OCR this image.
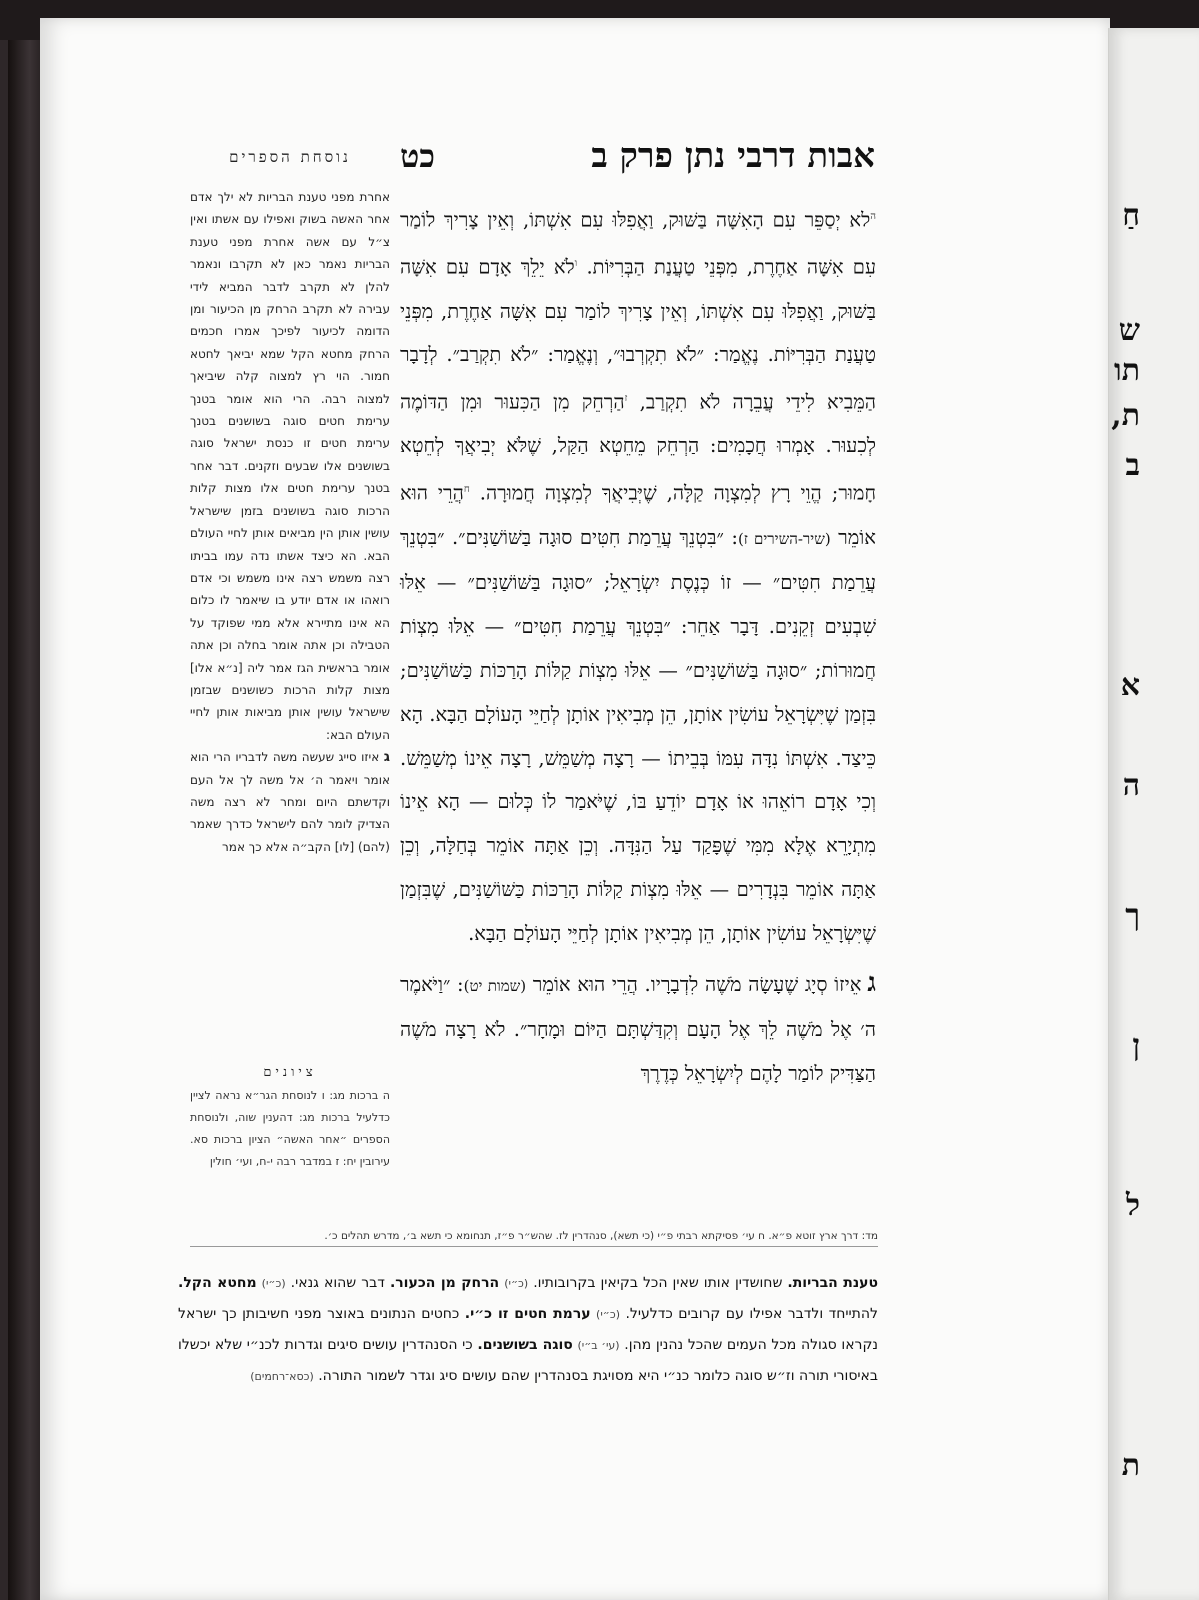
חַ
ש
תו
ת,
ב
א
ה
ך
ן
ל
ת
אבות דרבי נתן פרק ב
כט
נוסחת הספרים

$^ה$לא יְסַפֵּר עִם הָאִשָּׁה בַּשּׁוּק, וַאֲפִלּוּ עִם אִשְׁתּוֹ, וְאֵין צָרִיךְ לוֹמַר עִם אִשָּׁה אַחֶרֶת, מִפְּנֵי טַעֲנַת הַבְּרִיּוֹת. $^ו$לֹא יֵלֵךְ אָדָם עִם אִשָּׁה בַּשּׁוּק, וַאֲפִלּוּ עִם אִשְׁתּוֹ, וְאֵין צָרִיךְ לוֹמַר עִם אִשָּׁה אַחֶרֶת, מִפְּנֵי טַעֲנַת הַבְּרִיּוֹת. נֶאֱמַר: ״לֹא תִקְרְבוּ״, וְנֶאֱמַר: ״לֹא תִקְרַב״. לְדָבָר הַמֵּבִיא לִידֵי עֲבֵרָה לֹא תִקְרַב, $^ז$הַרְחֵק מִן הַכִּעוּר וּמִן הַדּוֹמֶה לְכִעוּר. אָמְרוּ חֲכָמִים: הַרְחֵק מֵחֵטְא הַקַּל, שֶׁלֹּא יְבִיאֲךָ לְחֵטְא חָמוּר; הֱוֵי רָץ לְמִצְוָה קַלָּה, שֶׁיְּבִיאֲךָ לְמִצְוָה חֲמוּרָה. $^ח$הֲרֵי הוּא אוֹמֵר (שיר-השירים ז): ״בִּטְנֵךְ עֲרֵמַת חִטִּים סוּגָה בַּשּׁוֹשַׁנִּים״. ״בִּטְנֵךְ עֲרֵמַת חִטִּים״ — זוֹ כְּנֶסֶת יִשְׂרָאֵל; ״סוּגָה בַּשּׁוֹשַׁנִּים״ — אֵלּוּ שִׁבְעִים זְקֵנִים. דָּבָר אַחֵר: ״בִּטְנֵךְ עֲרֵמַת חִטִּים״ — אֵלּוּ מִצְוֹת חֲמוּרוֹת; ״סוּגָה בַּשּׁוֹשַׁנִּים״ — אֵלּוּ מִצְוֹת קַלּוֹת הָרַכּוֹת כַּשּׁוֹשַׁנִּים; בִּזְמַן שֶׁיִּשְׂרָאֵל עוֹשִׂין אוֹתָן, הֵן מְבִיאִין אוֹתָן לְחַיֵּי הָעוֹלָם הַבָּא. הָא כֵּיצַד. אִשְׁתּוֹ נִדָּה עִמּוֹ בְּבֵיתוֹ — רָצָה מְשַׁמֵּשׁ, רָצָה אֵינוֹ מְשַׁמֵּשׁ. וְכִי אָדָם רוֹאֵהוּ אוֹ אָדָם יוֹדֵעַ בּוֹ, שֶׁיֹּאמַר לוֹ כְּלוּם — הָא אֵינוֹ מִתְיָרֵא אֶלָּא מִמִּי שֶׁפָּקַד עַל הַנִּדָּה. וְכֵן אַתָּה אוֹמֵר בְּחַלָּה, וְכֵן אַתָּה אוֹמֵר בִּנְדָרִים — אֵלּוּ מִצְוֹת קַלּוֹת הָרַכּוֹת כַּשּׁוֹשַׁנִּים, שֶׁבִּזְמַן שֶׁיִּשְׂרָאֵל עוֹשִׂין אוֹתָן, הֵן מְבִיאִין אוֹתָן לְחַיֵּי הָעוֹלָם הַבָּא.

גאֵיזוֹ סְיָג שֶׁעָשָׂה מֹשֶׁה לִדְבָרָיו. הֲרֵי הוּא אוֹמֵר (שמות יט): ״וַיֹּאמֶר ה׳ אֶל מֹשֶׁה לֵךְ אֶל הָעָם וְקִדַּשְׁתָּם הַיּוֹם וּמָחָר״. לֹא רָצָה מֹשֶׁה הַצַּדִּיק לוֹמַר לָהֶם לְיִשְׂרָאֵל כְּדֶרֶךְ

אחרת מפני טענת הבריות לא ילך אדם אחר האשה בשוק ואפילו עם אשתו ואין צ״ל עם אשה אחרת מפני טענת הבריות נאמר כאן לא תקרבו ונאמר להלן לא תקרב לדבר המביא לידי עבירה לא תקרב הרחק מן הכיעור ומן הדומה לכיעור לפיכך אמרו חכמים הרחק מחטא הקל שמא יביאך לחטא חמור. הוי רץ למצוה קלה שיביאך למצוה רבה. הרי הוא אומר בטנך ערימת חטים סוגה בשושנים בטנך ערימת חטים זו כנסת ישראל סוגה בשושנים אלו שבעים וזקנים. דבר אחר בטנך ערימת חטים אלו מצות קלות הרכות סוגה בשושנים בזמן שישראל עושין אותן הין מביאים אותן לחיי העולם הבא. הא כיצד אשתו נדה עמו בביתו רצה משמש רצה אינו משמש וכי אדם רואהו או אדם יודע בו שיאמר לו כלום הא אינו מתיירא אלא ממי שפוקד על הטבילה וכן אתה אומר בחלה וכן אתה אומר בראשית הגז אמר ליה [נ״א אלו] מצות קלות הרכות כשושנים שבזמן שישראל עושין אותן מביאות אותן לחיי העולם הבא:

ג איזו סייג שעשה משה לדבריו הרי הוא אומר ויאמר ה׳ אל משה לך אל העם וקדשתם היום ומחר לא רצה משה הצדיק לומר להם לישראל כדרך שאמר (להם) [לו] הקב״ה אלא כך אמר

ציונים

ה ברכות מג: ו לנוסחת הגר״א נראה לציין כדלעיל ברכות מג: דהענין שוה, ולנוסחת הספרים ״אחר האשה״ הציון ברכות סא. עירובין יח: ז במדבר רבה י-ח, ועי׳ חולין

מד: דרך ארץ זוטא פ״א. ח עי׳ פסיקתא רבתי פ״י (כי תשא), סנהדרין לז. שהש״ר פ״ז, תנחומא כי תשא ב׳, מדרש תהלים כ׳.
טענת הבריות. שחושדין אותו שאין הכל בקיאין בקרובותיו. (כ״י) הרחק מן הכעור. דבר שהוא גנאי. (כ״י) מחטא הקל. להתייחד ולדבר אפילו עם קרובים כדלעיל. (כ״י) ערמת חטים זו כ״י. כחטים הנתונים באוצר מפני חשיבותן כך ישראל נקראו סגולה מכל העמים שהכל נהנין מהן. (עי׳ ב״י) סוגה בשושנים. כי הסנהדרין עושים סיגים וגדרות לכנ״י שלא יכשלו באיסורי תורה וז״ש סוגה כלומר כנ״י היא מסויגת בסנהדרין שהם עושים סיג וגדר לשמור התורה. (כסא־רחמים)
